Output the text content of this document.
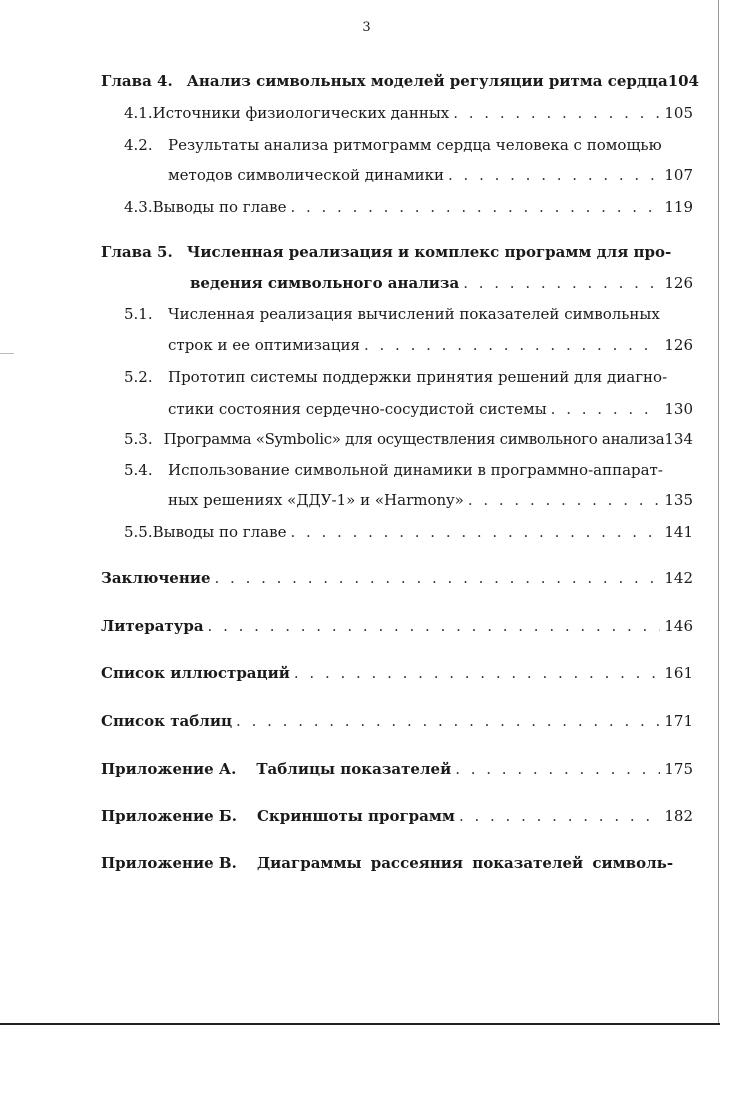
3
Глава 4. Анализ символьных моделей регуляции ритма сердца 104
4.1. Источники физиологических данных . . .	105
4.2.	Результаты анализа ритмограмм сердца человека с помощью
методов символической динамики . . .	107
4.3. Выводы по главе . . .	119
Глава 5. Численная реализация и комплекс программ для про-
ведения символьного анализа . . .	126
5.1.	Численная реализация вычислений показателей символьных
строк и ее оптимизация . . .	126
5.2.	Прототип системы поддержки принятия решений для диагно-
стики состояния сердечно-сосудистой системы . . .	130
5.3. Программа «Symbolic» для осуществления символьного анализа 134
5.4.	Использование символьной динамики в программно-аппарат-
ных решениях «ДДУ-1» и «Harmony» . . .	135
5.5. Выводы по главе . . .	141
Заключение . . .	142
Литература . . .	146
Список иллюстраций . . .	161
Список таблиц . . .	171
Приложение А. Таблицы показателей . . .	175
Приложение Б. Скриншоты программ . . .	182
Приложение В. Диаграммы рассеяния показателей символь-
